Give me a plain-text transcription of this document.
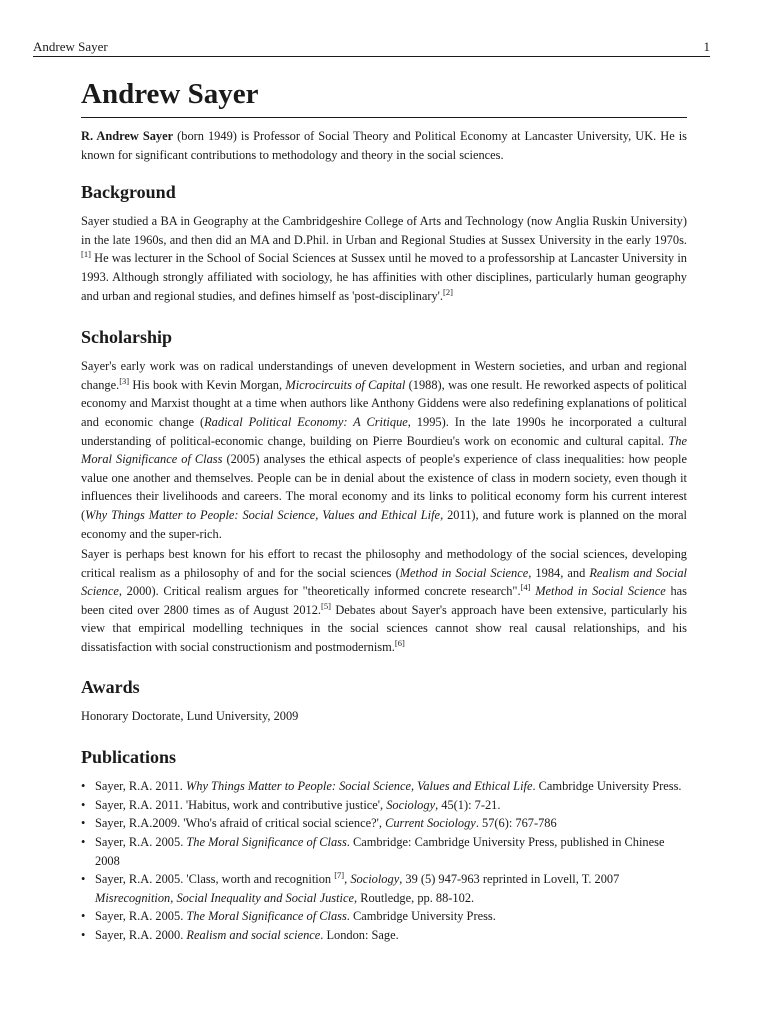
Andrew Sayer	1
Andrew Sayer

R. Andrew Sayer (born 1949) is Professor of Social Theory and Political Economy at Lancaster University, UK. He is known for significant contributions to methodology and theory in the social sciences.

Background

Sayer studied a BA in Geography at the Cambridgeshire College of Arts and Technology (now Anglia Ruskin University) in the late 1960s, and then did an MA and D.Phil. in Urban and Regional Studies at Sussex University in the early 1970s.[1] He was lecturer in the School of Social Sciences at Sussex until he moved to a professorship at Lancaster University in 1993. Although strongly affiliated with sociology, he has affinities with other disciplines, particularly human geography and urban and regional studies, and defines himself as 'post-disciplinary'.[2]

Scholarship

Sayer's early work was on radical understandings of uneven development in Western societies, and urban and regional change.[3] His book with Kevin Morgan, Microcircuits of Capital (1988), was one result. He reworked aspects of political economy and Marxist thought at a time when authors like Anthony Giddens were also redefining explanations of political and economic change (Radical Political Economy: A Critique, 1995). In the late 1990s he incorporated a cultural understanding of political-economic change, building on Pierre Bourdieu's work on economic and cultural capital. The Moral Significance of Class (2005) analyses the ethical aspects of people's experience of class inequalities: how people value one another and themselves. People can be in denial about the existence of class in modern society, even though it influences their livelihoods and careers. The moral economy and its links to political economy form his current interest (Why Things Matter to People: Social Science, Values and Ethical Life, 2011), and future work is planned on the moral economy and the super-rich.

Sayer is perhaps best known for his effort to recast the philosophy and methodology of the social sciences, developing critical realism as a philosophy of and for the social sciences (Method in Social Science, 1984, and Realism and Social Science, 2000). Critical realism argues for "theoretically informed concrete research".[4] Method in Social Science has been cited over 2800 times as of August 2012.[5] Debates about Sayer's approach have been extensive, particularly his view that empirical modelling techniques in the social sciences cannot show real causal relationships, and his dissatisfaction with social constructionism and postmodernism.[6]

Awards

Honorary Doctorate, Lund University, 2009

Publications
• Sayer, R.A. 2011. Why Things Matter to People: Social Science, Values and Ethical Life. Cambridge University Press.
• Sayer, R.A. 2011. 'Habitus, work and contributive justice', Sociology, 45(1): 7-21.
• Sayer, R.A.2009. 'Who's afraid of critical social science?', Current Sociology. 57(6): 767-786
• Sayer, R.A. 2005. The Moral Significance of Class. Cambridge: Cambridge University Press, published in Chinese 2008
• Sayer, R.A. 2005. 'Class, worth and recognition [7], Sociology, 39 (5) 947-963 reprinted in Lovell, T. 2007 Misrecognition, Social Inequality and Social Justice, Routledge, pp. 88-102.
• Sayer, R.A. 2005. The Moral Significance of Class. Cambridge University Press.
• Sayer, R.A. 2000. Realism and social science. London: Sage.
